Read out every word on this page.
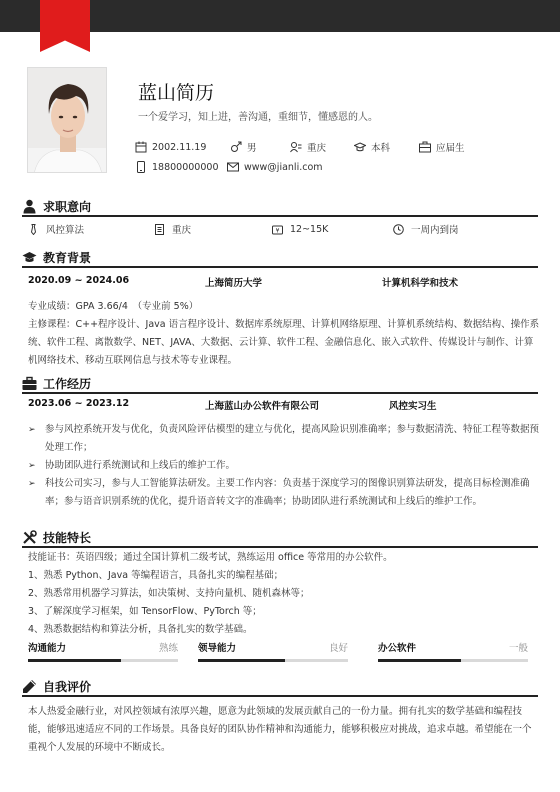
蓝山简历
一个爱学习，知上进，善沟通，重细节，懂感恩的人。
2002.11.19	男	重庆	本科	应届生
18800000000	www@jianli.com
求职意向
风控算法	重庆	¥ 12~15K	一周内到岗
教育背景
2020.09 ~ 2024.06	上海简历大学	计算机科学和技术
专业成绩：GPA 3.66/4　（专业前 5%）
主修课程：C++程序设计、Java 语言程序设计、数据库系统原理、计算机网络原理、计算机系统结构、数据结构、操作系统、软件工程、离散数学、NET、JAVA、大数据、云计算、软件工程、金融信息化、嵌入式软件、传媒设计与制作、计算机网络技术、移动互联网信息与技术等专业课程。
工作经历
2023.06 ~ 2023.12	上海蓝山办公软件有限公司	风控实习生
➢ 参与风控系统开发与优化，负责风险评估模型的建立与优化，提高风险识别准确率；参与数据清洗、特征工程等数据预处理工作；
➢ 协助团队进行系统测试和上线后的维护工作。
➢ 科技公司实习，参与人工智能算法研发。主要工作内容：负责基于深度学习的图像识别算法研发，提高目标检测准确率；参与语音识别系统的优化，提升语音转文字的准确率；协助团队进行系统测试和上线后的维护工作。
技能特长
技能证书：英语四级；通过全国计算机二级考试，熟练运用 office 等常用的办公软件。
1、熟悉 Python、Java 等编程语言，具备扎实的编程基础；
2、熟悉常用机器学习算法，如决策树、支持向量机、随机森林等；
3、了解深度学习框架，如 TensorFlow、PyTorch 等；
4、熟悉数据结构和算法分析，具备扎实的数学基础。
沟通能力	熟练 领导能力	良好	办公软件	一般
自我评价
本人热爱金融行业，对风控领域有浓厚兴趣，愿意为此领域的发展贡献自己的一份力量。拥有扎实的数学基础和编程技能，能够迅速适应不同的工作场景。具备良好的团队协作精神和沟通能力，能够积极应对挑战，追求卓越。希望能在一个重视个人发展的环境中不断成长。
